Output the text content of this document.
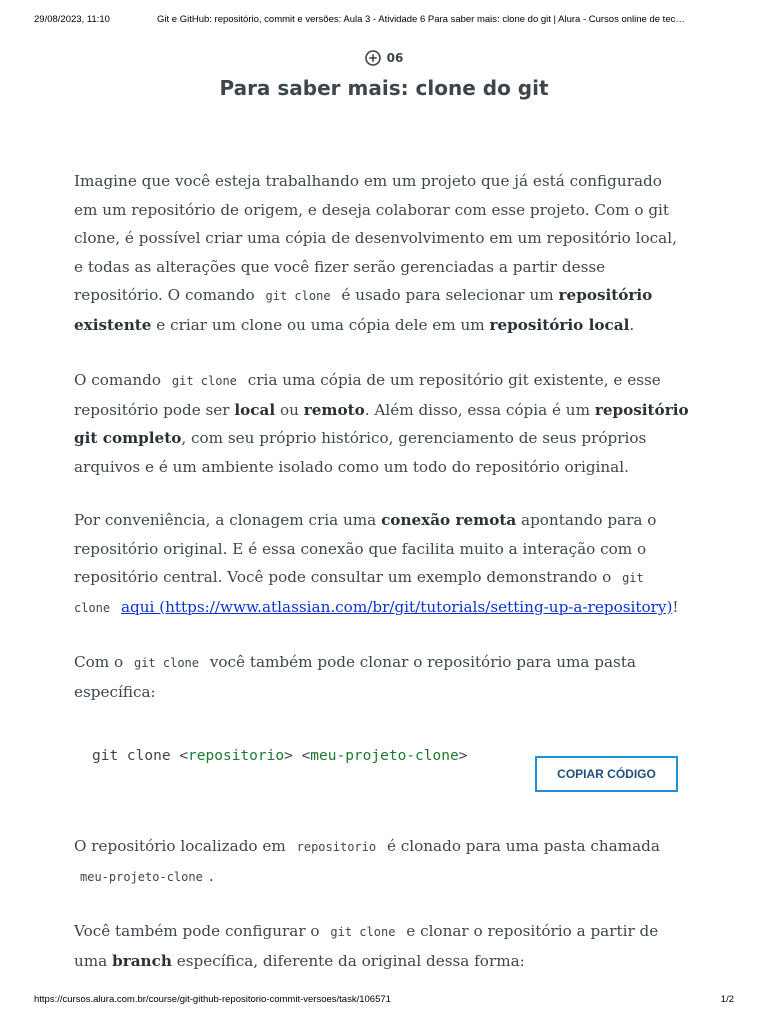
29/08/2023, 11:10	Git e GitHub: repositório, commit e versões: Aula 3 - Atividade 6 Para saber mais: clone do git | Alura - Cursos online de tec…
06
Para saber mais: clone do git

Imagine que você esteja trabalhando em um projeto que já está configurado

em um repositório de origem, e deseja colaborar com esse projeto. Com o git

clone, é possível criar uma cópia de desenvolvimento em um repositório local,

e todas as alterações que você fizer serão gerenciadas a partir desse

repositório. O comando git clone é usado para selecionar um repositório

existente e criar um clone ou uma cópia dele em um repositório local.

O comando git clone cria uma cópia de um repositório git existente, e esse

repositório pode ser local ou remoto. Além disso, essa cópia é um repositório

git completo, com seu próprio histórico, gerenciamento de seus próprios

arquivos e é um ambiente isolado como um todo do repositório original.

Por conveniência, a clonagem cria uma conexão remota apontando para o

repositório original. E é essa conexão que facilita muito a interação com o

repositório central. Você pode consultar um exemplo demonstrando o git

clone aqui (https://www.atlassian.com/br/git/tutorials/setting-up-a-repository)!

Com o git clone você também pode clonar o repositório para uma pasta

específica:

git clone <repositorio> <meu-projeto-clone>
COPIAR CÓDIGO

O repositório localizado em repositorio é clonado para uma pasta chamada

meu-projeto-clone .

Você também pode configurar o git clone e clonar o repositório a partir de

uma branch específica, diferente da original dessa forma:

https://cursos.alura.com.br/course/git-github-repositorio-commit-versoes/task/106571	1/2
